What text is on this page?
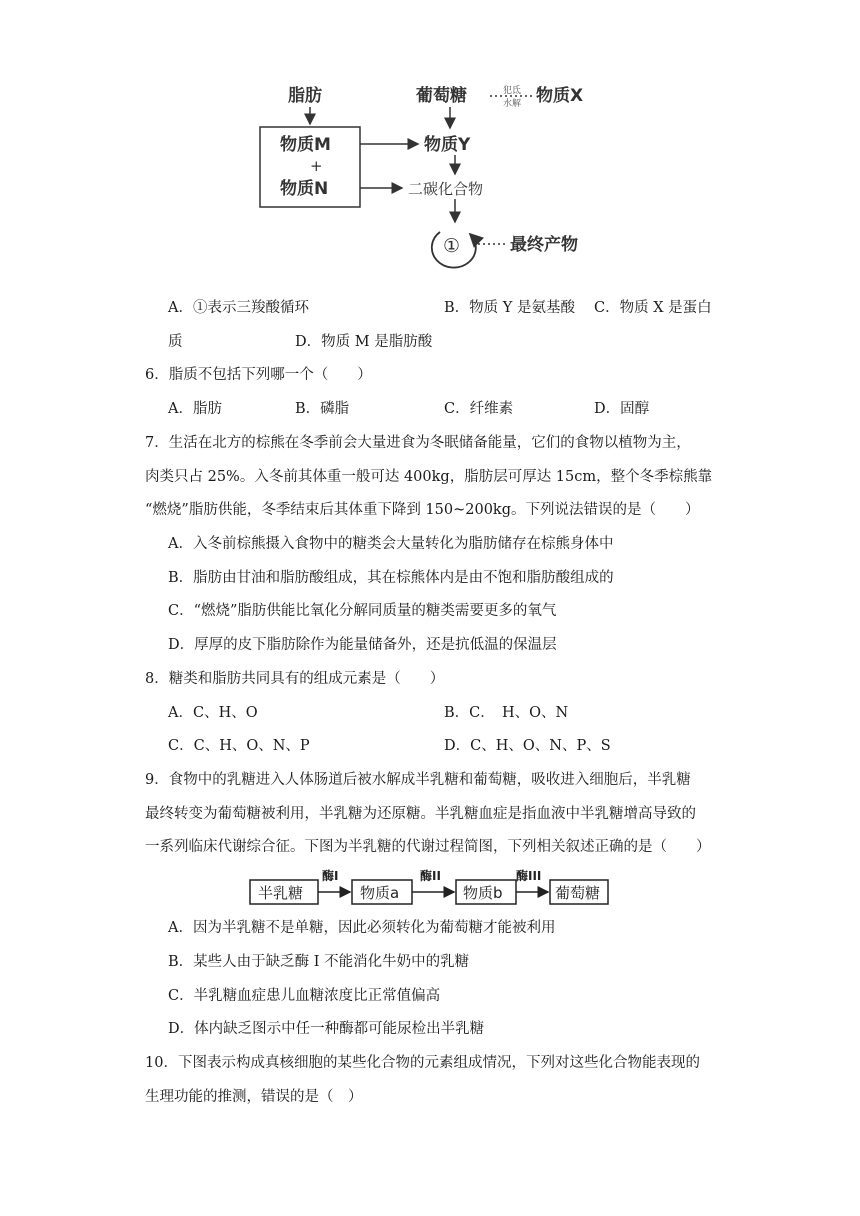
脂肪	葡萄糖	物质X
物质M
物质N
物质Y
最终产物
二碳化合物
+
①
犯氐
水解
A．①表示三羧酸循环	B．物质 Y 是氨基酸 C．物质 X 是蛋白
质	D．物质 M 是脂肪酸
6．脂质不包括下列哪一个（　　）
A．脂肪	B．磷脂	C．纤维素	D．固醇
7．生活在北方的棕熊在冬季前会大量进食为冬眠储备能量，它们的食物以植物为主，
肉类只占 25%。入冬前其体重一般可达 400kg，脂肪层可厚达 15cm，整个冬季棕熊靠
“燃烧”脂肪供能，冬季结束后其体重下降到 150~200kg。下列说法错误的是（　　）
A．入冬前棕熊摄入食物中的糖类会大量转化为脂肪储存在棕熊身体中
B．脂肪由甘油和脂肪酸组成，其在棕熊体内是由不饱和脂肪酸组成的
C．“燃烧”脂肪供能比氧化分解同质量的糖类需要更多的氧气
D．厚厚的皮下脂肪除作为能量储备外，还是抗低温的保温层
8．糖类和脂肪共同具有的组成元素是（　　）
A．C、H、O	B．C．　H、O、N
C．C、H、O、N、P	D．C、H、O、N、P、S
9．食物中的乳糖进入人体肠道后被水解成半乳糖和葡萄糖，吸收进入细胞后，半乳糖
最终转变为葡萄糖被利用，半乳糖为还原糖。半乳糖血症是指血液中半乳糖增高导致的
一系列临床代谢综合征。下图为半乳糖的代谢过程简图，下列相关叙述正确的是（　　）
半乳糖	物质a	物质b	葡萄糖
酶I	酶II	酶III
A．因为半乳糖不是单糖，因此必须转化为葡萄糖才能被利用
B．某些人由于缺乏酶 I 不能消化牛奶中的乳糖
C．半乳糖血症患儿血糖浓度比正常值偏高
D．体内缺乏图示中任一种酶都可能尿检出半乳糖
10．下图表示构成真核细胞的某些化合物的元素组成情况，下列对这些化合物能表现的
生理功能的推测，错误的是（　）
